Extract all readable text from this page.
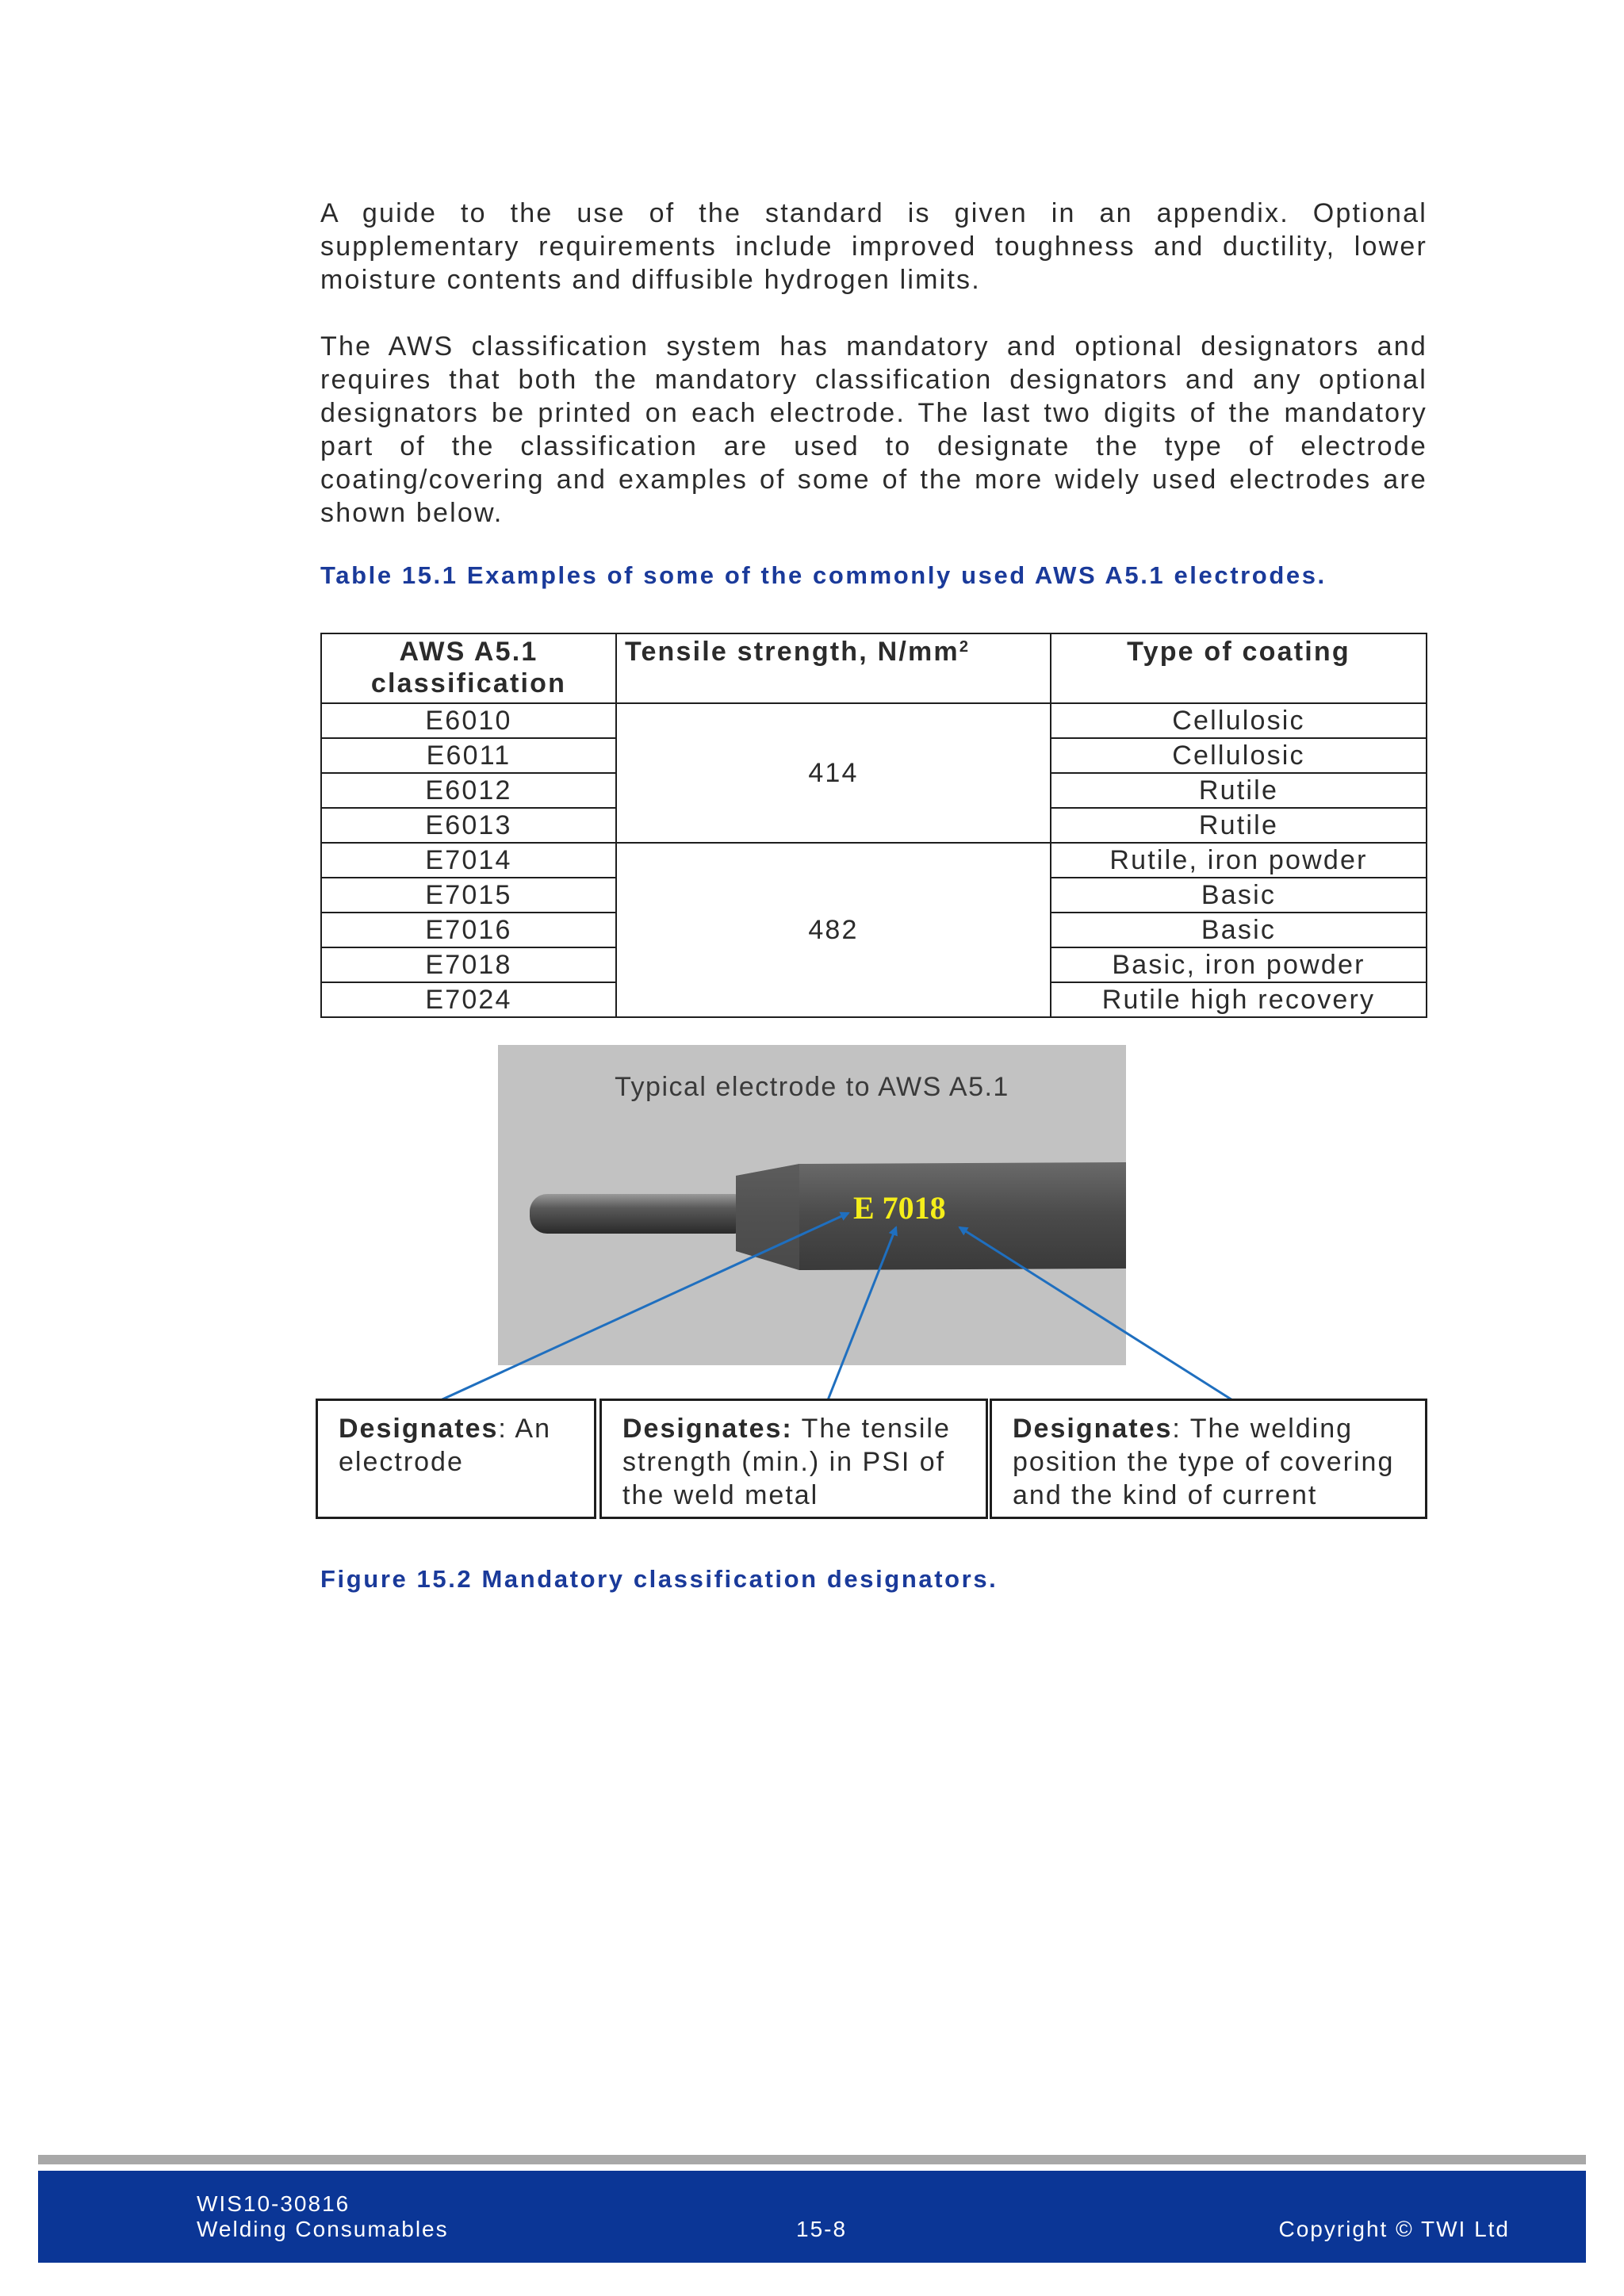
A guide to the use of the standard is given in an appendix. Optional supplementary requirements include improved toughness and ductility, lower moisture contents and diffusible hydrogen limits.

The AWS classification system has mandatory and optional designators and requires that both the mandatory classification designators and any optional designators be printed on each electrode. The last two digits of the mandatory part of the classification are used to designate the type of electrode coating/covering and examples of some of the more widely used electrodes are shown below.

Table 15.1 Examples of some of the commonly used AWS A5.1 electrodes.

AWS A5.1 classification	Tensile strength, $N/mm^2$	Type of coating
E6010	414	Cellulosic
E6011		Cellulosic
E6012		Rutile
E6013		Rutile
E7014	482	Rutile, iron powder
E7015		Basic
E7016		Basic
E7018		Basic, iron powder
E7024		Rutile high recovery
Typical electrode to AWS A5.1
E 7018
Designates: An electrode
Designates: The tensile strength (min.) in PSI of the weld metal
Designates: The welding position the type of covering and the kind of current

Figure 15.2 Mandatory classification designators.

WIS10-30816
Welding Consumables	15-8	Copyright © TWI Ltd
